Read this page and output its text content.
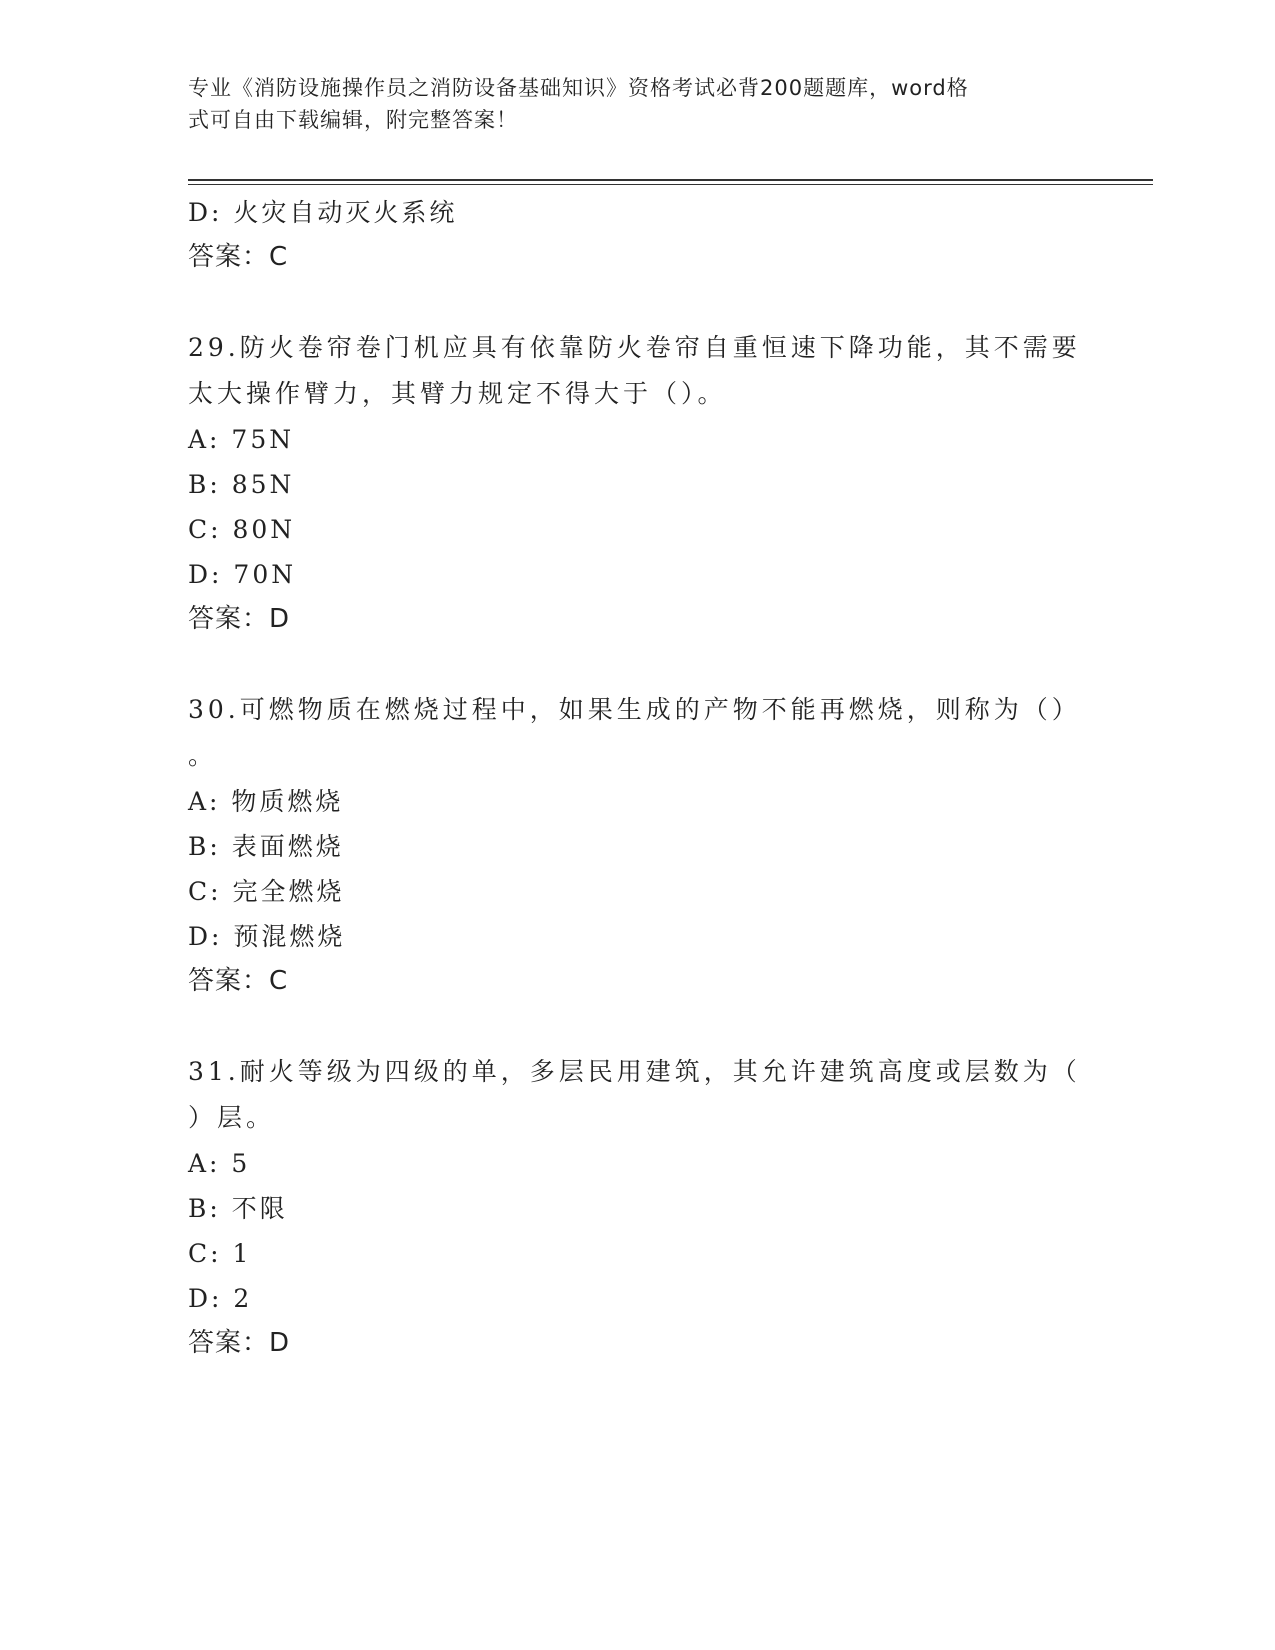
专业《消防设施操作员之消防设备基础知识》资格考试必背200题题库，word格
式可自由下载编辑，附完整答案！
D: 火灾自动灭火系统
答案：C
29.防火卷帘卷门机应具有依靠防火卷帘自重恒速下降功能，其不需要
太大操作臂力，其臂力规定不得大于（）。
A: 75N
B: 85N
C: 80N
D: 70N
答案：D
30.可燃物质在燃烧过程中，如果生成的产物不能再燃烧，则称为（）
。
A: 物质燃烧
B: 表面燃烧
C: 完全燃烧
D: 预混燃烧
答案：C
31.耐火等级为四级的单，多层民用建筑，其允许建筑高度或层数为（
）层。
A: 5
B: 不限
C: 1
D: 2
答案：D
